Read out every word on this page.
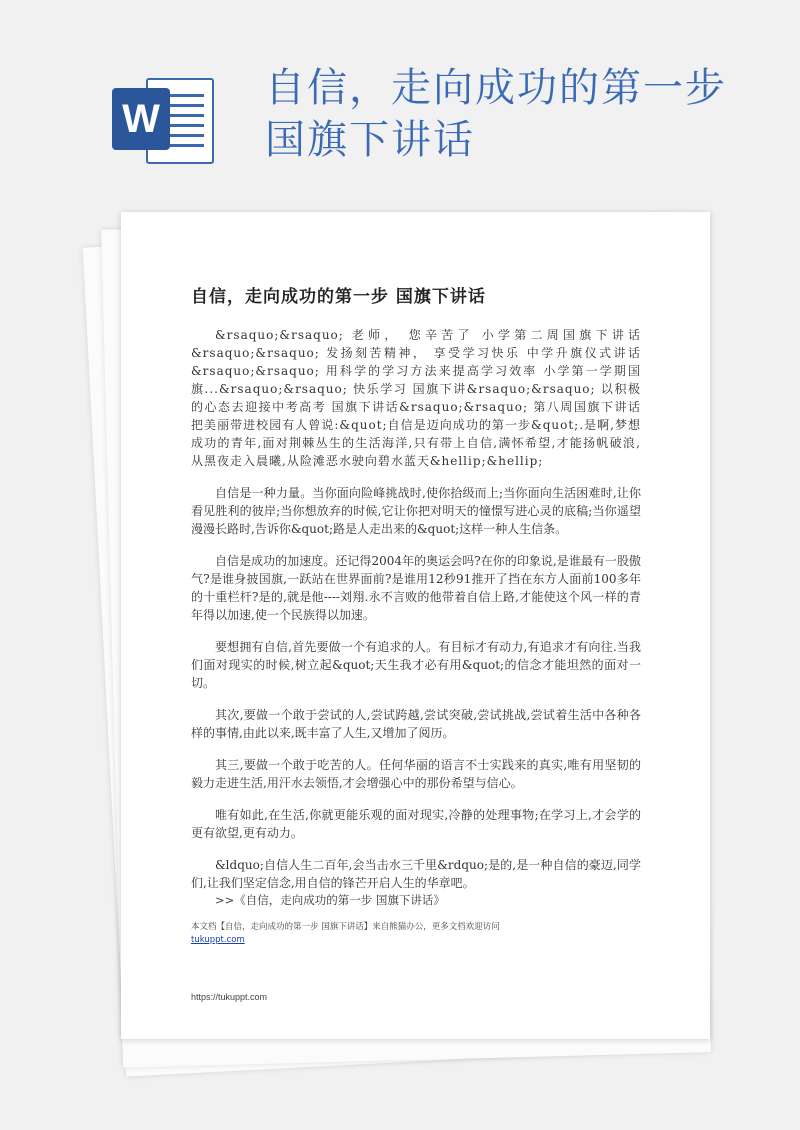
W
自信，走向成功的第一步国旗下讲话
自信，走向成功的第一步 国旗下讲话

&rsaquo;&rsaquo; 老师， 您辛苦了 小学第二周国旗下讲话 &rsaquo;&rsaquo; 发扬刻苦精神， 享受学习快乐 中学升旗仪式讲话 &rsaquo;&rsaquo; 用科学的学习方法来提高学习效率 小学第一学期国旗...&rsaquo;&rsaquo; 快乐学习 国旗下讲&rsaquo;&rsaquo; 以积极的心态去迎接中考高考 国旗下讲话&rsaquo;&rsaquo; 第八周国旗下讲话 把美丽带进校园有人曾说:&quot;自信是迈向成功的第一步&quot;.是啊,梦想成功的青年,面对荆棘丛生的生活海洋,只有带上自信,满怀希望,才能扬帆破浪,从黑夜走入晨曦,从险滩恶水驶向碧水蓝天&hellip;&hellip;

自信是一种力量。当你面向险峰挑战时,使你拾级而上;当你面向生活困难时,让你看见胜利的彼岸;当你想放弃的时候,它让你把对明天的憧憬写进心灵的底稿;当你遥望漫漫长路时,告诉你&quot;路是人走出来的&quot;这样一种人生信条。

自信是成功的加速度。还记得2004年的奥运会吗?在你的印象说,是谁最有一股傲气?是谁身披国旗,一跃站在世界面前?是谁用12秒91推开了挡在东方人面前100多年的十重栏杆?是的,就是他----刘翔.永不言败的他带着自信上路,才能使这个风一样的青年得以加速,使一个民族得以加速。

要想拥有自信,首先要做一个有追求的人。有目标才有动力,有追求才有向往.当我们面对现实的时候,树立起&quot;天生我才必有用&quot;的信念才能坦然的面对一切。

其次,要做一个敢于尝试的人,尝试跨越,尝试突破,尝试挑战,尝试着生活中各种各样的事情,由此以来,既丰富了人生,又增加了阅历。

其三,要做一个敢于吃苦的人。任何华丽的语言不士实践来的真实,唯有用坚韧的毅力走进生活,用汗水去领悟,才会增强心中的那份希望与信心。

唯有如此,在生活,你就更能乐观的面对现实,冷静的处理事物;在学习上,才会学的更有欲望,更有动力。

&ldquo;自信人生二百年,会当击水三千里&rdquo;是的,是一种自信的豪迈,同学们,让我们坚定信念,用自信的锋芒开启人生的华章吧。

>>《自信，走向成功的第一步 国旗下讲话》
本文档【自信，走向成功的第一步 国旗下讲话】来自熊猫办公，更多文档欢迎访问
tukuppt.com
https://tukuppt.com
